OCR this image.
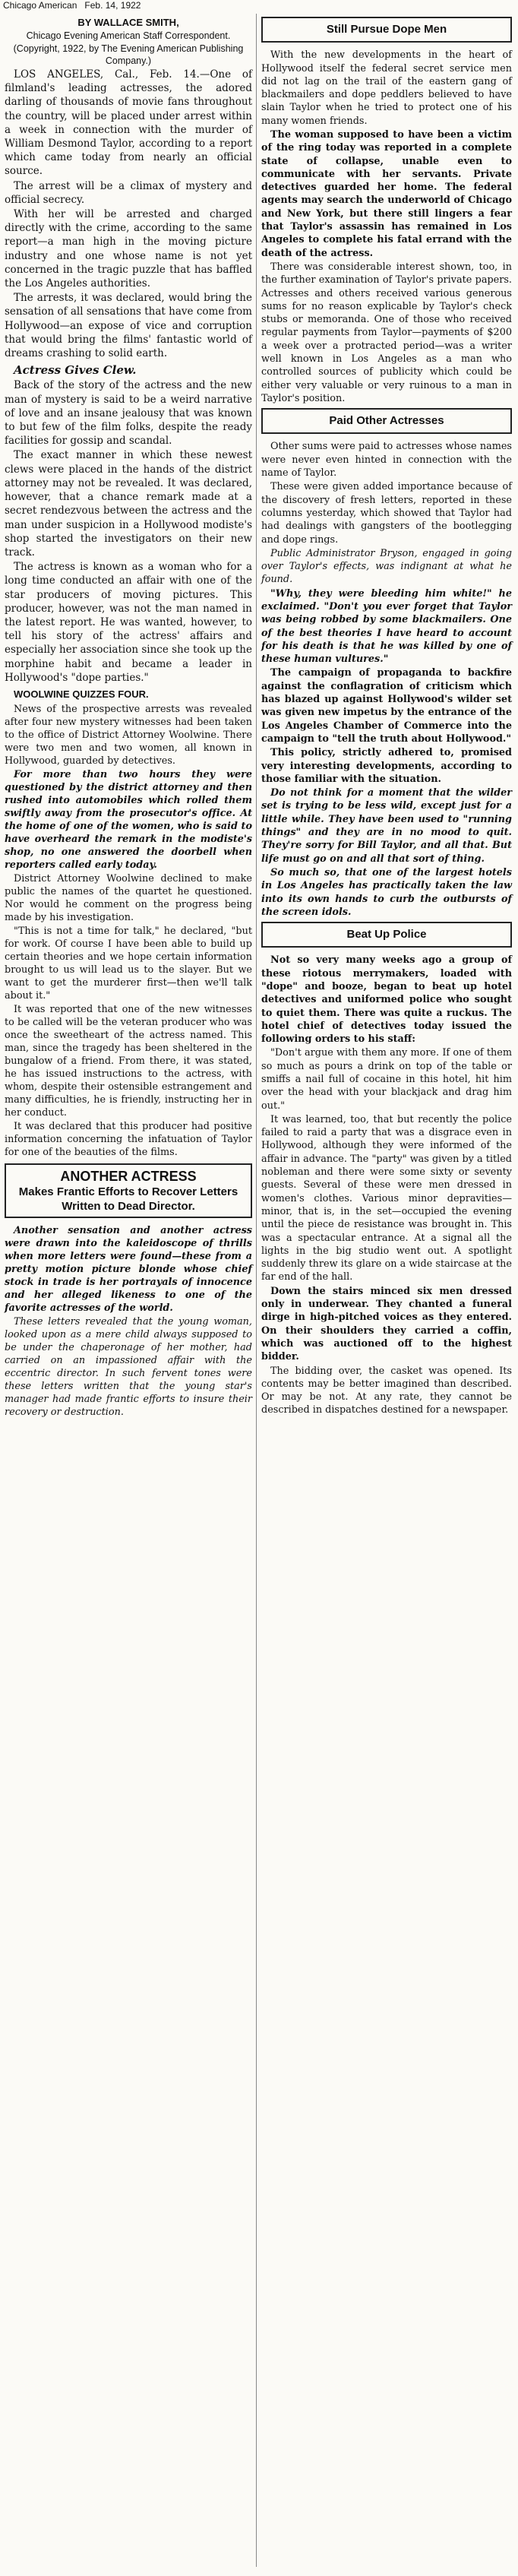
Chicago American Feb. 14, 1922

BY WALLACE SMITH,

Chicago Evening American Staff Correspondent.

(Copyright, 1922, by The Evening American Publishing Company.)

LOS ANGELES, Cal., Feb. 14.—One of filmland's leading actresses, the adored darling of thousands of movie fans throughout the country, will be placed under arrest within a week in connection with the murder of William Desmond Taylor, according to a report which came today from nearly an official source.

The arrest will be a climax of mystery and official secrecy.

With her will be arrested and charged directly with the crime, according to the same report—a man high in the moving picture industry and one whose name is not yet concerned in the tragic puzzle that has baffled the Los Angeles authorities.

The arrests, it was declared, would bring the sensation of all sensations that have come from Hollywood—an expose of vice and corruption that would bring the films' fantastic world of dreams crashing to solid earth.

Actress Gives Clew.

Back of the story of the actress and the new man of mystery is said to be a weird narrative of love and an insane jealousy that was known to but few of the film folks, despite the ready facilities for gossip and scandal.

The exact manner in which these newest clews were placed in the hands of the district attorney may not be revealed. It was declared, however, that a chance remark made at a secret rendezvous between the actress and the man under suspicion in a Hollywood modiste's shop started the investigators on their new track.

The actress is known as a woman who for a long time conducted an affair with one of the star producers of moving pictures. This producer, however, was not the man named in the latest report. He was wanted, however, to tell his story of the actress' affairs and especially her association since she took up the morphine habit and became a leader in Hollywood's "dope parties."

WOOLWINE QUIZZES FOUR.

News of the prospective arrests was revealed after four new mystery witnesses had been taken to the office of District Attorney Woolwine. There were two men and two women, all known in Hollywood, guarded by detectives.

For more than two hours they were questioned by the district attorney and then rushed into automobiles which rolled them swiftly away from the prosecutor's office. At the home of one of the women, who is said to have overheard the remark in the modiste's shop, no one answered the doorbell when reporters called early today.

District Attorney Woolwine declined to make public the names of the quartet he questioned. Nor would he comment on the progress being made by his investigation.

"This is not a time for talk," he declared, "but for work. Of course I have been able to build up certain theories and we hope certain information brought to us will lead us to the slayer. But we want to get the murderer first—then we'll talk about it."

It was reported that one of the new witnesses to be called will be the veteran producer who was once the sweetheart of the actress named. This man, since the tragedy has been sheltered in the bungalow of a friend. From there, it was stated, he has issued instructions to the actress, with whom, despite their ostensible estrangement and many difficulties, he is friendly, instructing her in her conduct.

It was declared that this producer had positive information concerning the infatuation of Taylor for one of the beauties of the films.

ANOTHER ACTRESS
Makes Frantic Efforts to Recover Letters Written to Dead Director.

Another sensation and another actress were drawn into the kaleidoscope of thrills when more letters were found—these from a pretty motion picture blonde whose chief stock in trade is her portrayals of innocence and her alleged likeness to one of the favorite actresses of the world.

These letters revealed that the young woman, looked upon as a mere child always supposed to be under the chaperonage of her mother, had carried on an impassioned affair with the eccentric director. In such fervent tones were these letters written that the young star's manager had made frantic efforts to insure their recovery or destruction.

Still Pursue Dope Men

With the new developments in the heart of Hollywood itself the federal secret service men did not lag on the trail of the eastern gang of blackmailers and dope peddlers believed to have slain Taylor when he tried to protect one of his many women friends.

The woman supposed to have been a victim of the ring today was reported in a complete state of collapse, unable even to communicate with her servants. Private detectives guarded her home. The federal agents may search the underworld of Chicago and New York, but there still lingers a fear that Taylor's assassin has remained in Los Angeles to complete his fatal errand with the death of the actress.

There was considerable interest shown, too, in the further examination of Taylor's private papers. Actresses and others received various generous sums for no reason explicable by Taylor's check stubs or memoranda. One of those who received regular payments from Taylor—payments of $200 a week over a protracted period—was a writer well known in Los Angeles as a man who controlled sources of publicity which could be either very valuable or very ruinous to a man in Taylor's position.

Paid Other Actresses

Other sums were paid to actresses whose names were never even hinted in connection with the name of Taylor.

These were given added importance because of the discovery of fresh letters, reported in these columns yesterday, which showed that Taylor had had dealings with gangsters of the bootlegging and dope rings.

Public Administrator Bryson, engaged in going over Taylor's effects, was indignant at what he found.

"Why, they were bleeding him white!" he exclaimed. "Don't you ever forget that Taylor was being robbed by some blackmailers. One of the best theories I have heard to account for his death is that he was killed by one of these human vultures."

The campaign of propaganda to backfire against the conflagration of criticism which has blazed up against Hollywood's wilder set was given new impetus by the entrance of the Los Angeles Chamber of Commerce into the campaign to "tell the truth about Hollywood."

This policy, strictly adhered to, promised very interesting developments, according to those familiar with the situation.

Do not think for a moment that the wilder set is trying to be less wild, except just for a little while. They have been used to "running things" and they are in no mood to quit. They're sorry for Bill Taylor, and all that. But life must go on and all that sort of thing.

So much so, that one of the largest hotels in Los Angeles has practically taken the law into its own hands to curb the outbursts of the screen idols.

Beat Up Police

Not so very many weeks ago a group of these riotous merrymakers, loaded with "dope" and booze, began to beat up hotel detectives and uniformed police who sought to quiet them. There was quite a ruckus. The hotel chief of detectives today issued the following orders to his staff:

"Don't argue with them any more. If one of them so much as pours a drink on top of the table or smiffs a nail full of cocaine in this hotel, hit him over the head with your blackjack and drag him out."

It was learned, too, that but recently the police failed to raid a party that was a disgrace even in Hollywood, although they were informed of the affair in advance. The "party" was given by a titled nobleman and there were some sixty or seventy guests. Several of these were men dressed in women's clothes. Various minor depravities—minor, that is, in the set—occupied the evening until the piece de resistance was brought in. This was a spectacular entrance. At a signal all the lights in the big studio went out. A spotlight suddenly threw its glare on a wide staircase at the far end of the hall.

Down the stairs minced six men dressed only in underwear. They chanted a funeral dirge in high-pitched voices as they entered. On their shoulders they carried a coffin, which was auctioned off to the highest bidder.

The bidding over, the casket was opened. Its contents may be better imagined than described. Or may be not. At any rate, they cannot be described in dispatches destined for a newspaper.
